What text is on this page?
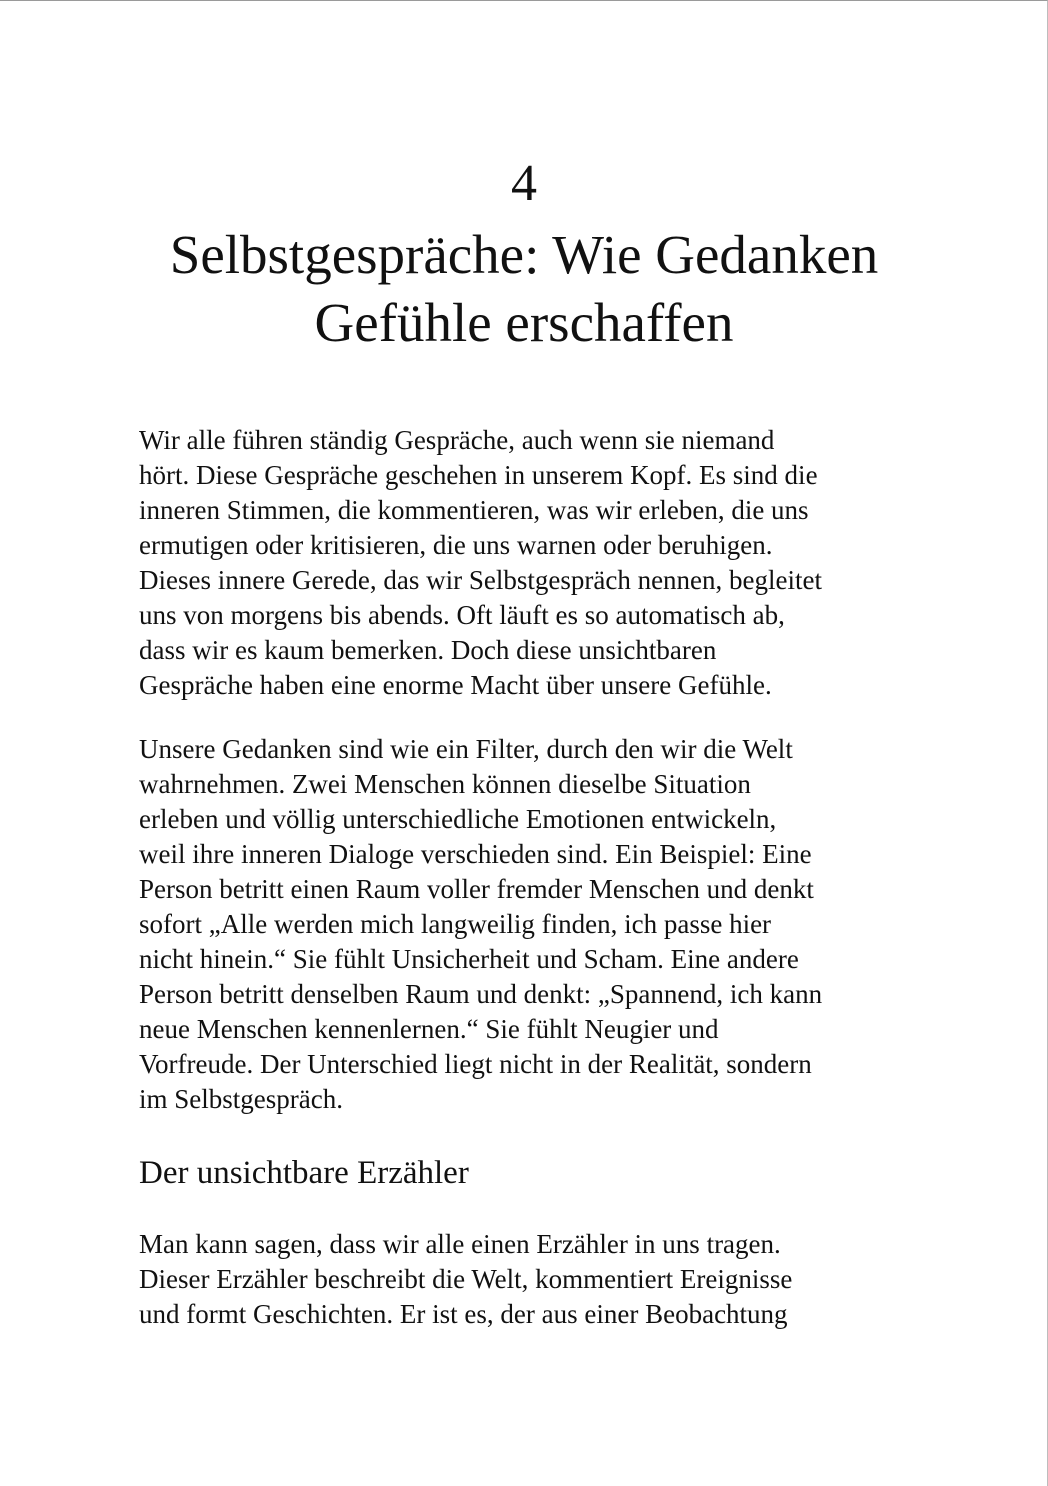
4
Selbstgespräche: Wie Gedanken
Gefühle erschaffen

Wir alle führen ständig Gespräche, auch wenn sie niemand
hört. Diese Gespräche geschehen in unserem Kopf. Es sind die
inneren Stimmen, die kommentieren, was wir erleben, die uns
ermutigen oder kritisieren, die uns warnen oder beruhigen.
Dieses innere Gerede, das wir Selbstgespräch nennen, begleitet
uns von morgens bis abends. Oft läuft es so automatisch ab,
dass wir es kaum bemerken. Doch diese unsichtbaren
Gespräche haben eine enorme Macht über unsere Gefühle.

Unsere Gedanken sind wie ein Filter, durch den wir die Welt
wahrnehmen. Zwei Menschen können dieselbe Situation
erleben und völlig unterschiedliche Emotionen entwickeln,
weil ihre inneren Dialoge verschieden sind. Ein Beispiel: Eine
Person betritt einen Raum voller fremder Menschen und denkt
sofort „Alle werden mich langweilig finden, ich passe hier
nicht hinein.“ Sie fühlt Unsicherheit und Scham. Eine andere
Person betritt denselben Raum und denkt: „Spannend, ich kann
neue Menschen kennenlernen.“ Sie fühlt Neugier und
Vorfreude. Der Unterschied liegt nicht in der Realität, sondern
im Selbstgespräch.

Der unsichtbare Erzähler

Man kann sagen, dass wir alle einen Erzähler in uns tragen.
Dieser Erzähler beschreibt die Welt, kommentiert Ereignisse
und formt Geschichten. Er ist es, der aus einer Beobachtung
